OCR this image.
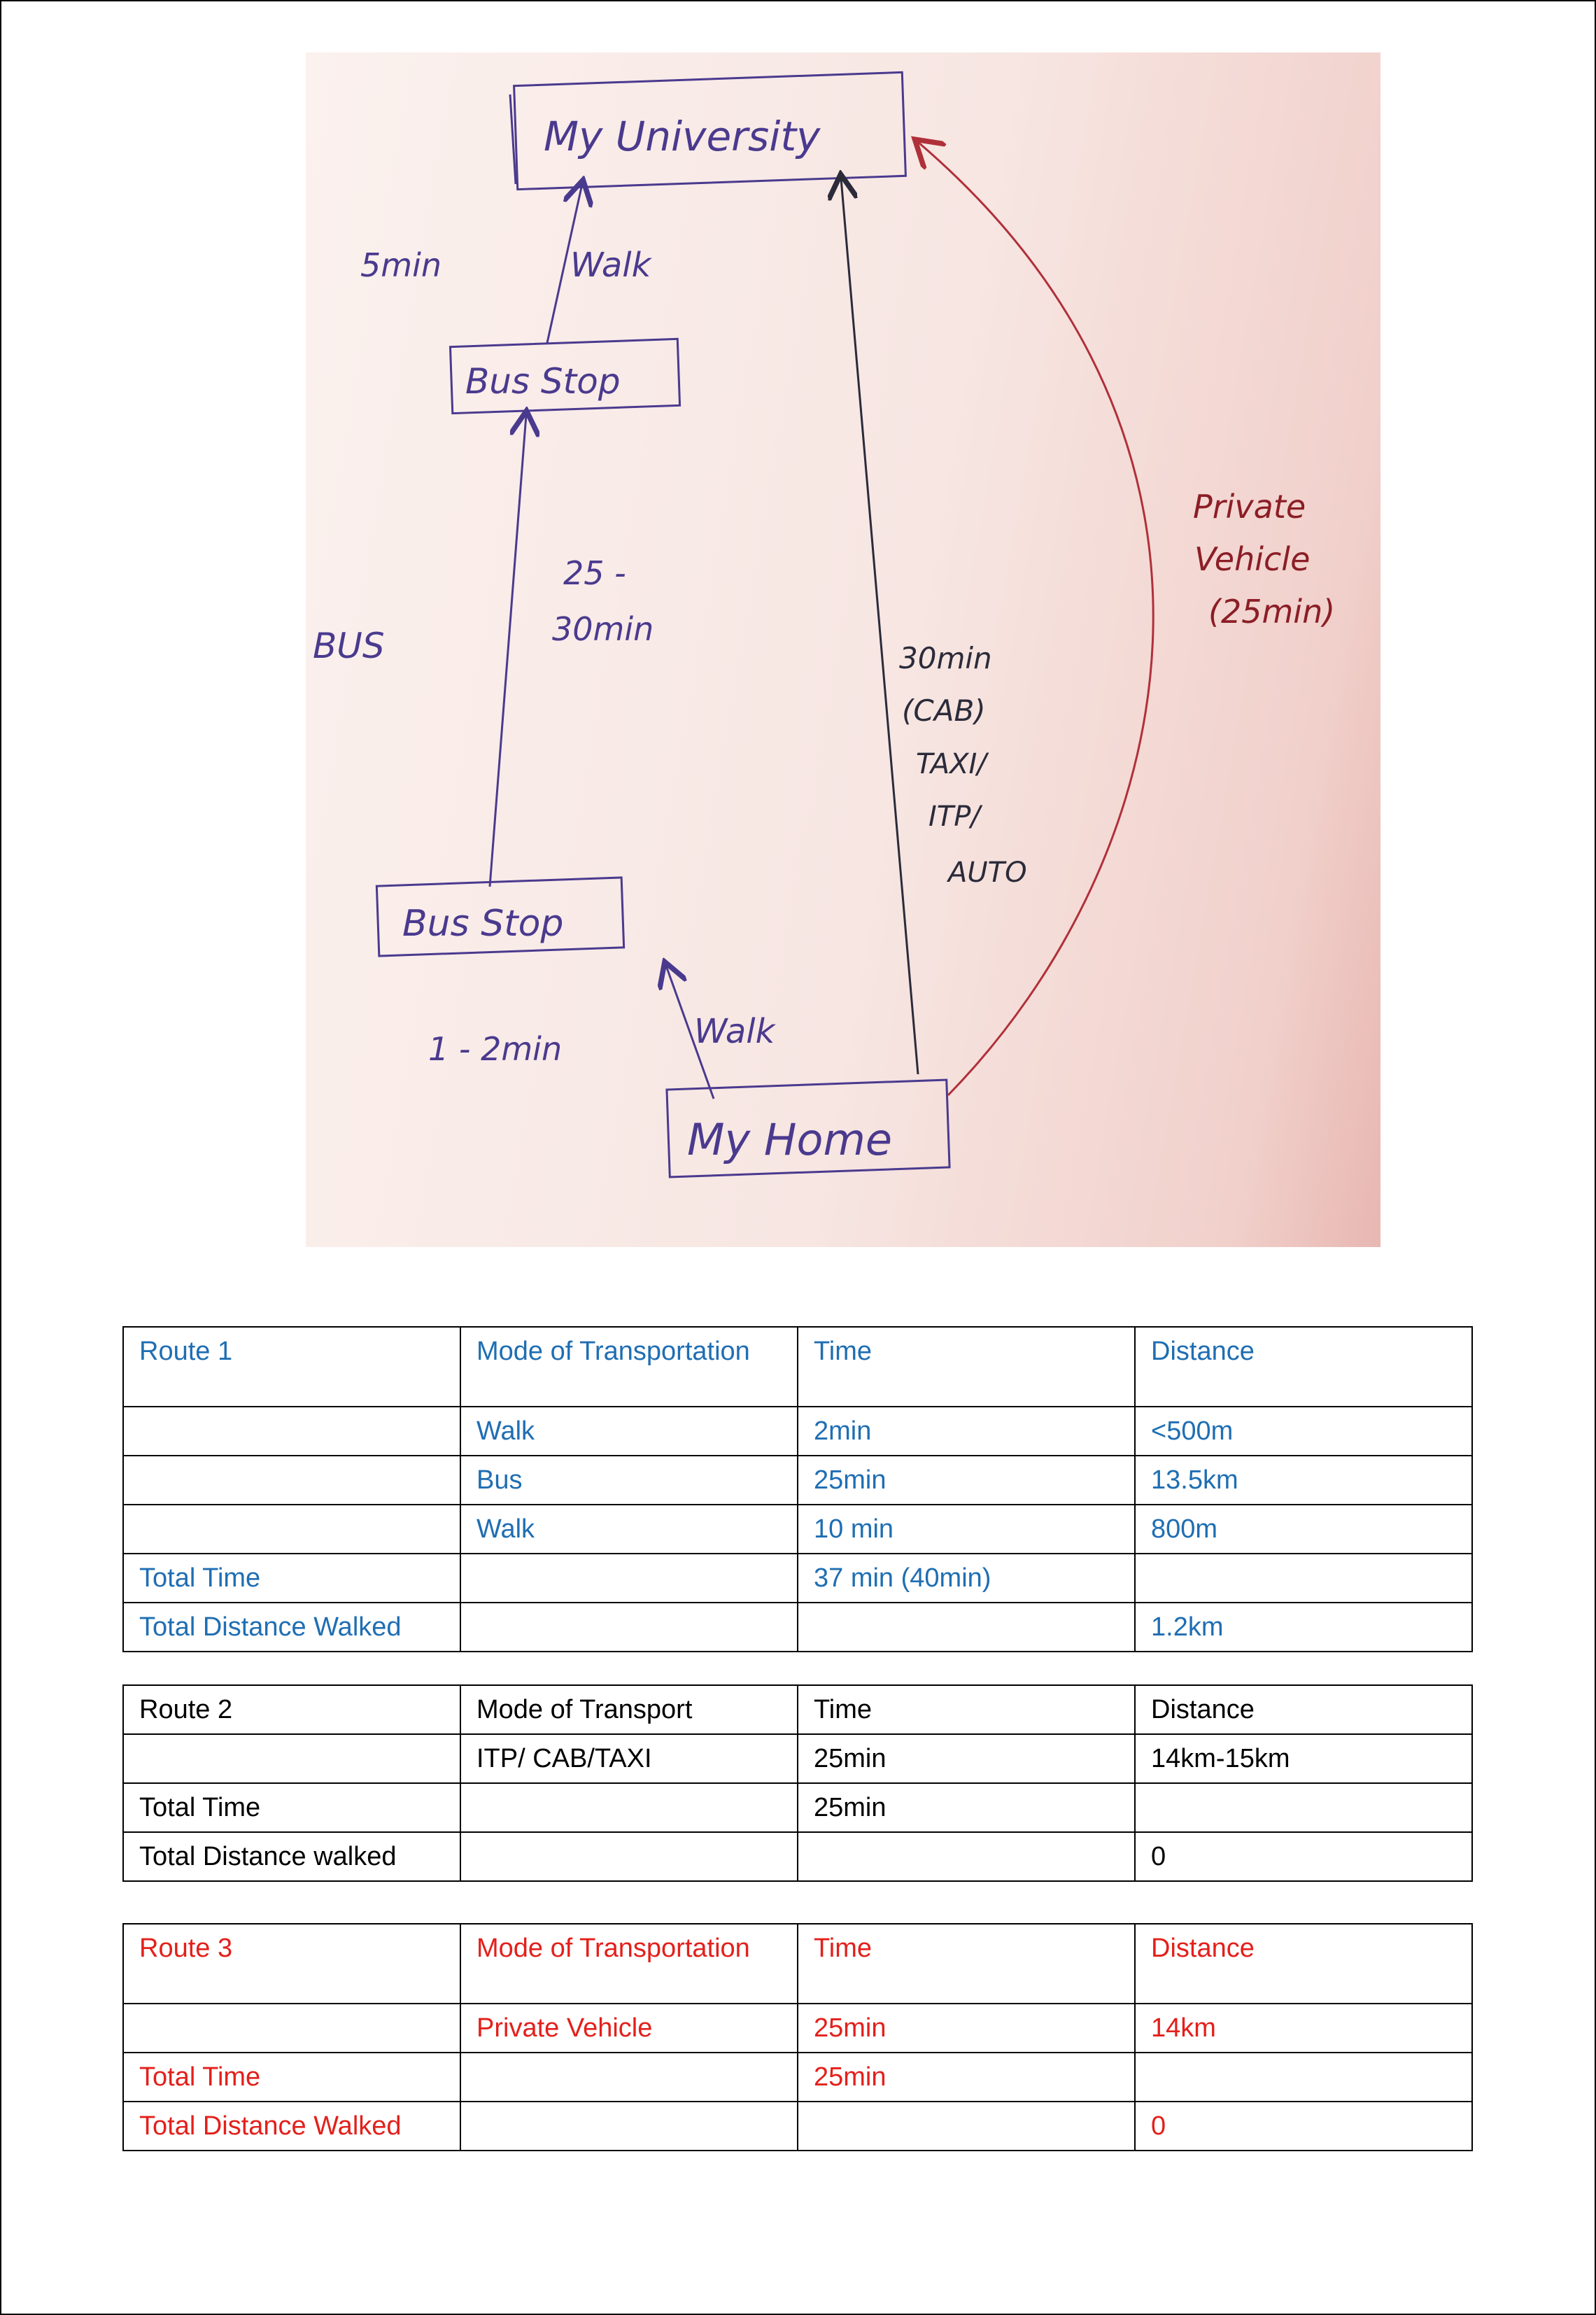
My University
Bus Stop
Bus Stop
My Home
5min	Walk
BUS
25 -
30min
30min
(CAB)
TAXI/
ITP/
AUTO
Private
Vehicle
(25min)
1 - 2min	Walk
Route 1	Mode of Transportation	Time	Distance
	Walk	2min	<500m
	Bus	25min	13.5km
	Walk	10 min	800m
Total Time		37 min (40min)	
Total Distance Walked			1.2km
Route 2	Mode of Transport	Time	Distance
	ITP/ CAB/TAXI	25min	14km-15km
Total Time		25min	
Total Distance walked			0
Route 3	Mode of Transportation	Time	Distance
	Private Vehicle	25min	14km
Total Time		25min	
Total Distance Walked			0
